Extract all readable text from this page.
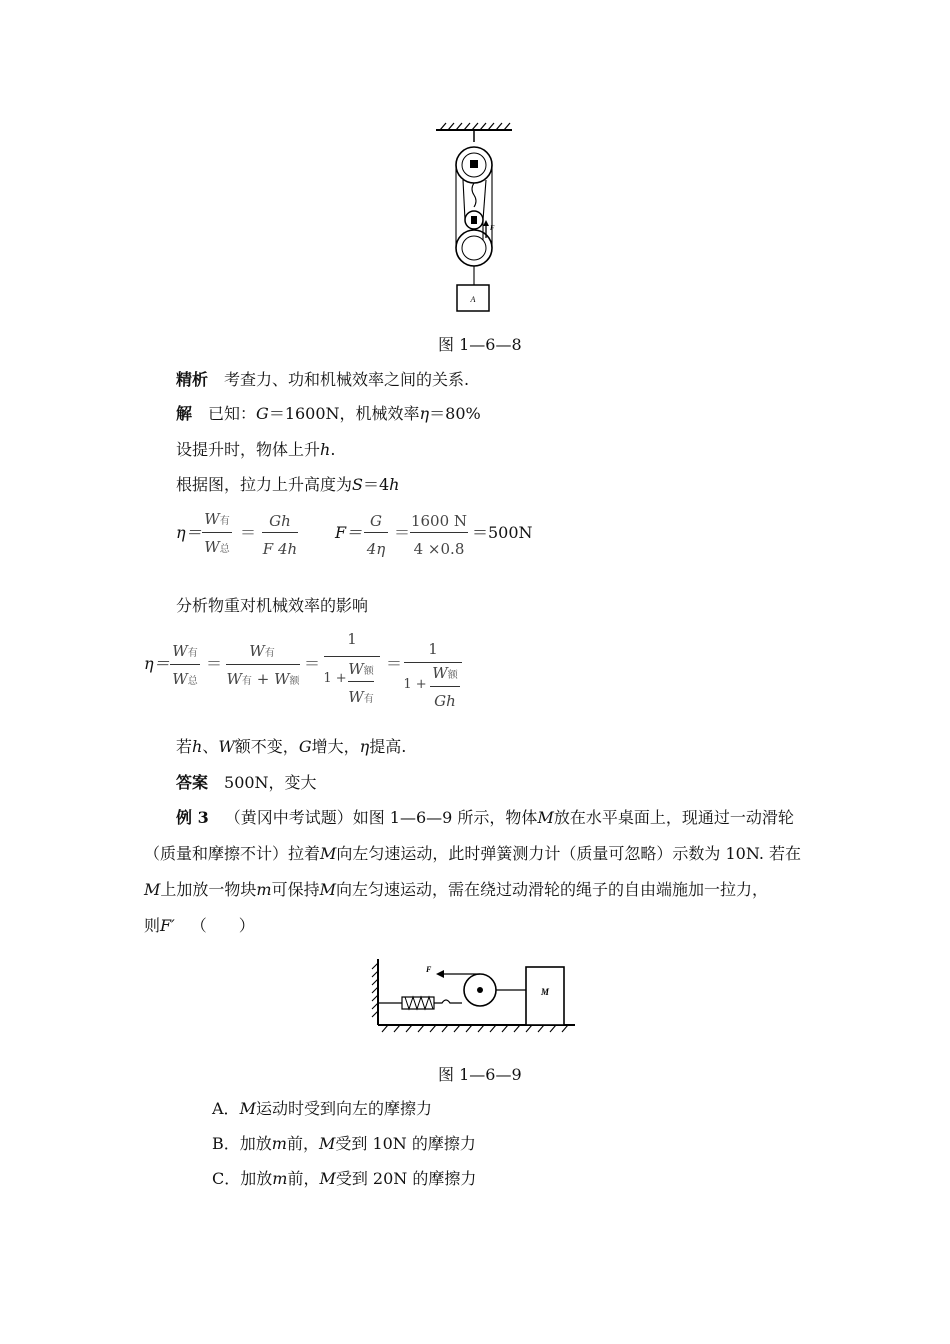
F
A
图 1—6—8
精析  考查力、功和机械效率之间的关系.
解  已知：G＝1600N，机械效率η＝80%
设提升时，物体上升h.
根据图，拉力上升高度为S＝4h
η＝
W有
W总
＝
Gh
F 4h
F＝
G
4η
＝
1600 N
4 ×0.8
＝500N
分析物重对机械效率的影响
η＝
W有
W总
＝
W有
W有 + W额
＝
1
1 +
W额
W有
＝
1
1 +
W额
Gh
若h、W额不变，G增大，η提高.
答案  500N，变大
例 3  （黄冈中考试题）如图 1—6—9 所示，物体M放在水平桌面上，现通过一动滑轮
（质量和摩擦不计）拉着M向左匀速运动，此时弹簧测力计（质量可忽略）示数为 10N. 若在
M上加放一物块m可保持M向左匀速运动，需在绕过动滑轮的绳子的自由端施加一拉力，
则F′  （　　）
F
M
图 1—6—9
A．M运动时受到向左的摩擦力
B．加放m前，M受到 10N 的摩擦力
C．加放m前，M受到 20N 的摩擦力
